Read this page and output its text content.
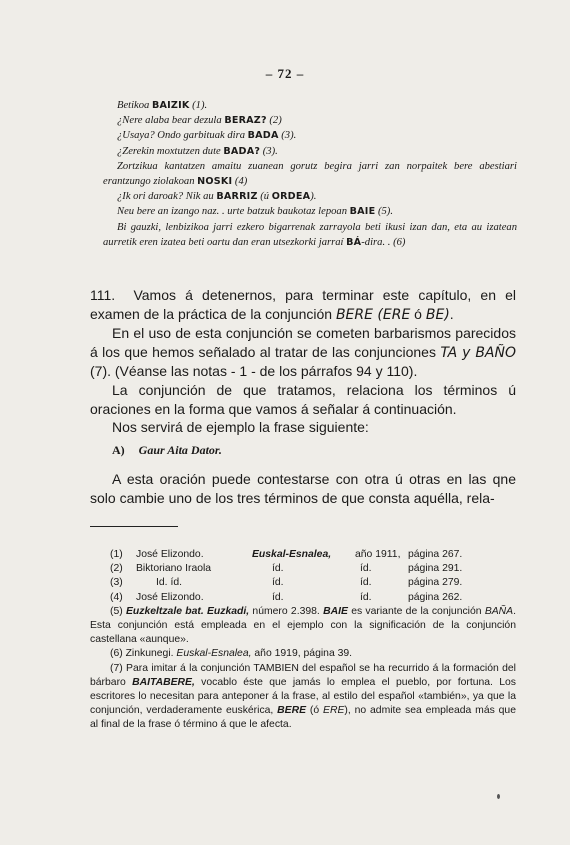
– 72 –
Betikoa BAIZIK (1).
¿Nere alaba bear dezula BERAZ? (2)
¿Usaya? Ondo garbituak dira BADA (3).
¿Zerekin moxtutzen dute BADA? (3).
Zortzikua kantatzen amaitu zuanean gorutz begira jarri zan norpaitek bere abestiari erantzungo ziolakoan NOSKI (4)
¿Ik ori daroak? Nik au BARRIZ (ú ORDEA).
Neu bere an izango naz. . urte batzuk baukotaz lepoan BAIE (5).
Bi gauzki, lenbizikoa jarri ezkero bigarrenak zarrayola beti ikusi izan dan, eta au izatean aurretik eren izatea beti oartu dan eran utsezkorki jarraí BÁ-dira. . (6)

111. Vamos á detenernos, para terminar este capítulo, en el examen de la práctica de la conjunción BERE (ERE ó BE).

En el uso de esta conjunción se cometen barbarismos parecidos á los que hemos señalado al tratar de las conjunciones TA y BAÑO (7). (Véanse las notas - 1 - de los párrafos 94 y 110).

La conjunción de que tratamos, relaciona los términos ú oraciones en la forma que vamos á señalar á continuación.

Nos servirá de ejemplo la frase siguiente:

A) Gaur Aita Dator.

A esta oración puede contestarse con otra ú otras en las qne solo cambie uno de los tres términos de que consta aquélla, rela-

(1) José Elizondo.	Euskal-Esnalea, año 1911, página 267.
(2) Biktoriano Iraola	íd.	íd.	página 291.
(3)	Id. íd.	íd.	íd.	página 279.
(4) José Elizondo.	íd.	íd.	página 262.

(5) Euzkeltzale bat. Euzkadi, número 2.398. BAIE es variante de la conjunción BAÑA. Esta conjunción está empleada en el ejemplo con la significación de la conjunción castellana «aunque».

(6) Zinkunegi. Euskal-Esnalea, año 1919, página 39.

(7) Para imitar á la conjunción TAMBIEN del español se ha recurrido á la formación del bárbaro BAITABERE, vocablo éste que jamás lo emplea el pueblo, por fortuna. Los escritores lo necesitan para anteponer á la frase, al estilo del español «también», ya que la conjunción, verdaderamente euskérica, BERE (ó ERE), no admite sea empleada más que al final de la frase ó término á que le afecta.
